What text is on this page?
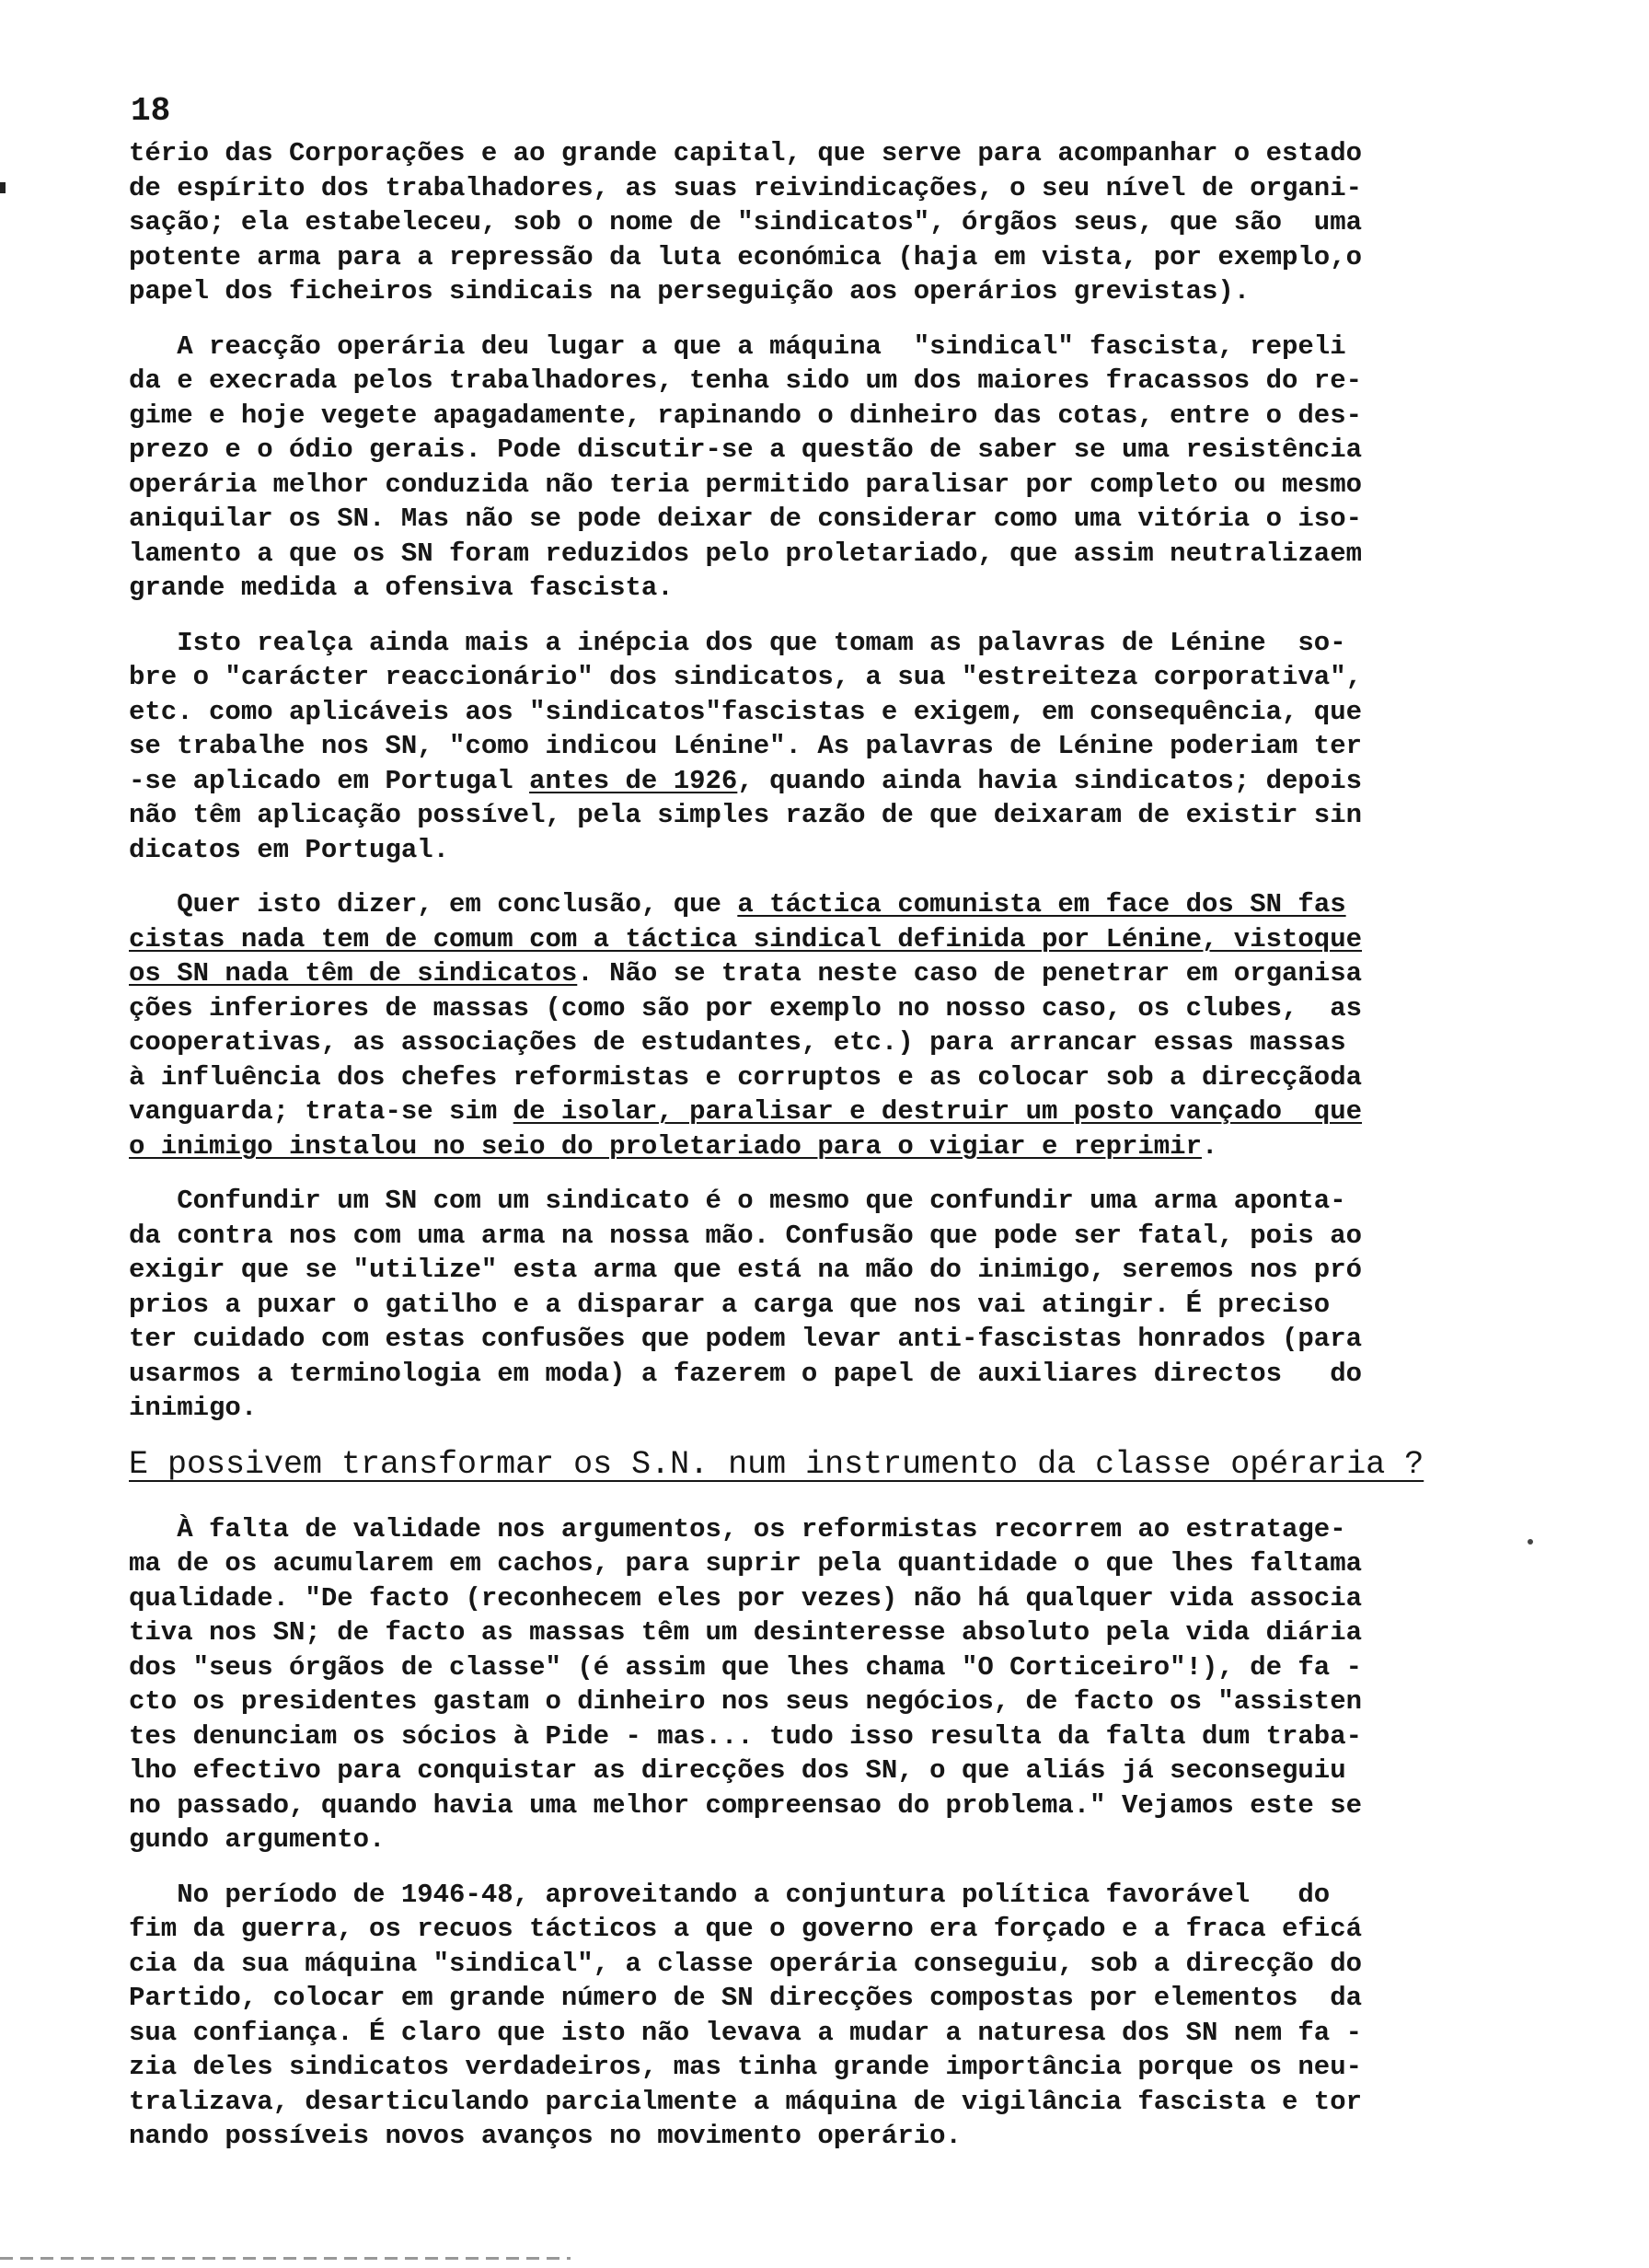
18

tério das Corporações e ao grande capital, que serve para acompanhar o estado
de espírito dos trabalhadores, as suas reivindicações, o seu nível de organi-
sação; ela estabeleceu, sob o nome de "sindicatos", órgãos seus, que são  uma
potente arma para a repressão da luta económica (haja em vista, por exemplo,o
papel dos ficheiros sindicais na perseguição aos operários grevistas).

A reacção operária deu lugar a que a máquina  "sindical" fascista, repeli
da e execrada pelos trabalhadores, tenha sido um dos maiores fracassos do re-
gime e hoje vegete apagadamente, rapinando o dinheiro das cotas, entre o des-
prezo e o ódio gerais. Pode discutir-se a questão de saber se uma resistência
operária melhor conduzida não teria permitido paralisar por completo ou mesmo
aniquilar os SN. Mas não se pode deixar de considerar como uma vitória o iso-
lamento a que os SN foram reduzidos pelo proletariado, que assim neutralizaem
grande medida a ofensiva fascista.

Isto realça ainda mais a inépcia dos que tomam as palavras de Lénine  so-
bre o "carácter reaccionário" dos sindicatos, a sua "estreiteza corporativa",
etc. como aplicáveis aos "sindicatos"fascistas e exigem, em consequência, que
se trabalhe nos SN, "como indicou Lénine". As palavras de Lénine poderiam ter
-se aplicado em Portugal antes de 1926, quando ainda havia sindicatos; depois
não têm aplicação possível, pela simples razão de que deixaram de existir sin
dicatos em Portugal.

Quer isto dizer, em conclusão, que a táctica comunista em face dos SN fas
cistas nada tem de comum com a táctica sindical definida por Lénine, vistoque
os SN nada têm de sindicatos. Não se trata neste caso de penetrar em organisa
ções inferiores de massas (como são por exemplo no nosso caso, os clubes,  as
cooperativas, as associações de estudantes, etc.) para arrancar essas massas
à influência dos chefes reformistas e corruptos e as colocar sob a direcçãoda
vanguarda; trata-se sim de isolar, paralisar e destruir um posto vançado  que
o inimigo instalou no seio do proletariado para o vigiar e reprimir.

Confundir um SN com um sindicato é o mesmo que confundir uma arma aponta-
da contra nos com uma arma na nossa mão. Confusão que pode ser fatal, pois ao
exigir que se "utilize" esta arma que está na mão do inimigo, seremos nos pró
prios a puxar o gatilho e a disparar a carga que nos vai atingir. É preciso
ter cuidado com estas confusões que podem levar anti-fascistas honrados (para
usarmos a terminologia em moda) a fazerem o papel de auxiliares directos   do
inimigo.

E possivem transformar os S.N. num instrumento da classe opéraria ?

À falta de validade nos argumentos, os reformistas recorrem ao estratage-
ma de os acumularem em cachos, para suprir pela quantidade o que lhes faltama
qualidade. "De facto (reconhecem eles por vezes) não há qualquer vida associa
tiva nos SN; de facto as massas têm um desinteresse absoluto pela vida diária
dos "seus órgãos de classe" (é assim que lhes chama "O Corticeiro"!), de fa -
cto os presidentes gastam o dinheiro nos seus negócios, de facto os "assisten
tes denunciam os sócios à Pide - mas... tudo isso resulta da falta dum traba-
lho efectivo para conquistar as direcções dos SN, o que aliás já seconseguiu
no passado, quando havia uma melhor compreensao do problema." Vejamos este se
gundo argumento.

No período de 1946-48, aproveitando a conjuntura política favorável   do
fim da guerra, os recuos tácticos a que o governo era forçado e a fraca eficá
cia da sua máquina "sindical", a classe operária conseguiu, sob a direcção do
Partido, colocar em grande número de SN direcções compostas por elementos  da
sua confiança. É claro que isto não levava a mudar a naturesa dos SN nem fa -
zia deles sindicatos verdadeiros, mas tinha grande importância porque os neu-
tralizava, desarticulando parcialmente a máquina de vigilância fascista e tor
nando possíveis novos avanços no movimento operário.
